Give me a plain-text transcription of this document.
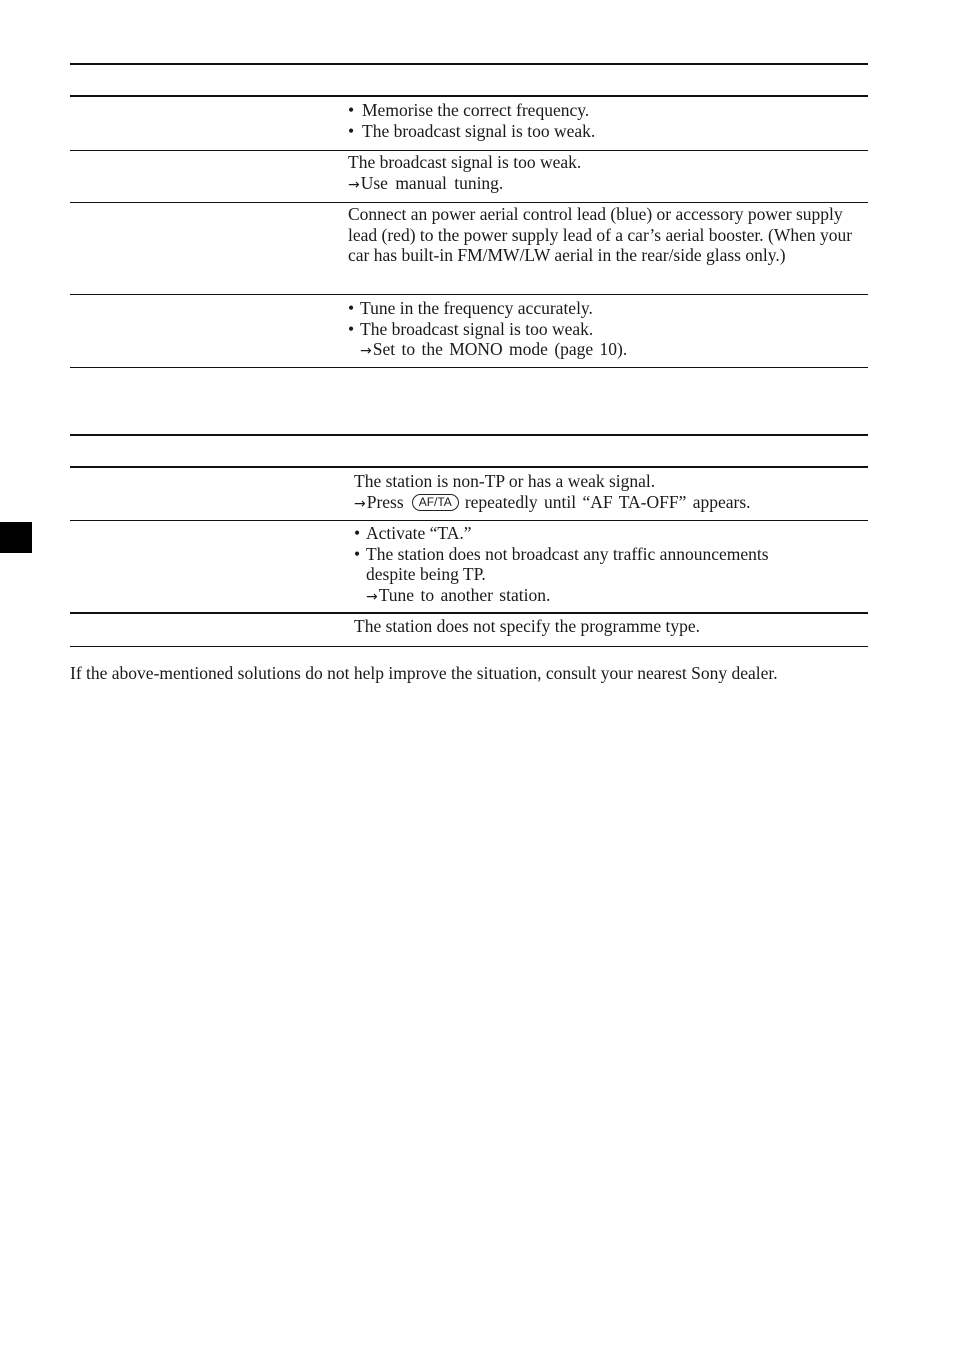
• Memorise the correct frequency.
• The broadcast signal is too weak.
The broadcast signal is too weak.
→Use manual tuning.
Connect an power aerial control lead (blue) or accessory power supply lead (red) to the power supply lead of a car’s aerial booster. (When your car has built-in FM/MW/LW aerial in the rear/side glass only.)
• Tune in the frequency accurately.
• The broadcast signal is too weak.
→Set to the MONO mode (page 10).
The station is non-TP or has a weak signal.
→Press AF/TA repeatedly until “AF TA-OFF” appears.
• Activate “TA.”
• The station does not broadcast any traffic announcements
despite being TP.
→Tune to another station.
The station does not specify the programme type.
If the above-mentioned solutions do not help improve the situation, consult your nearest Sony dealer.
